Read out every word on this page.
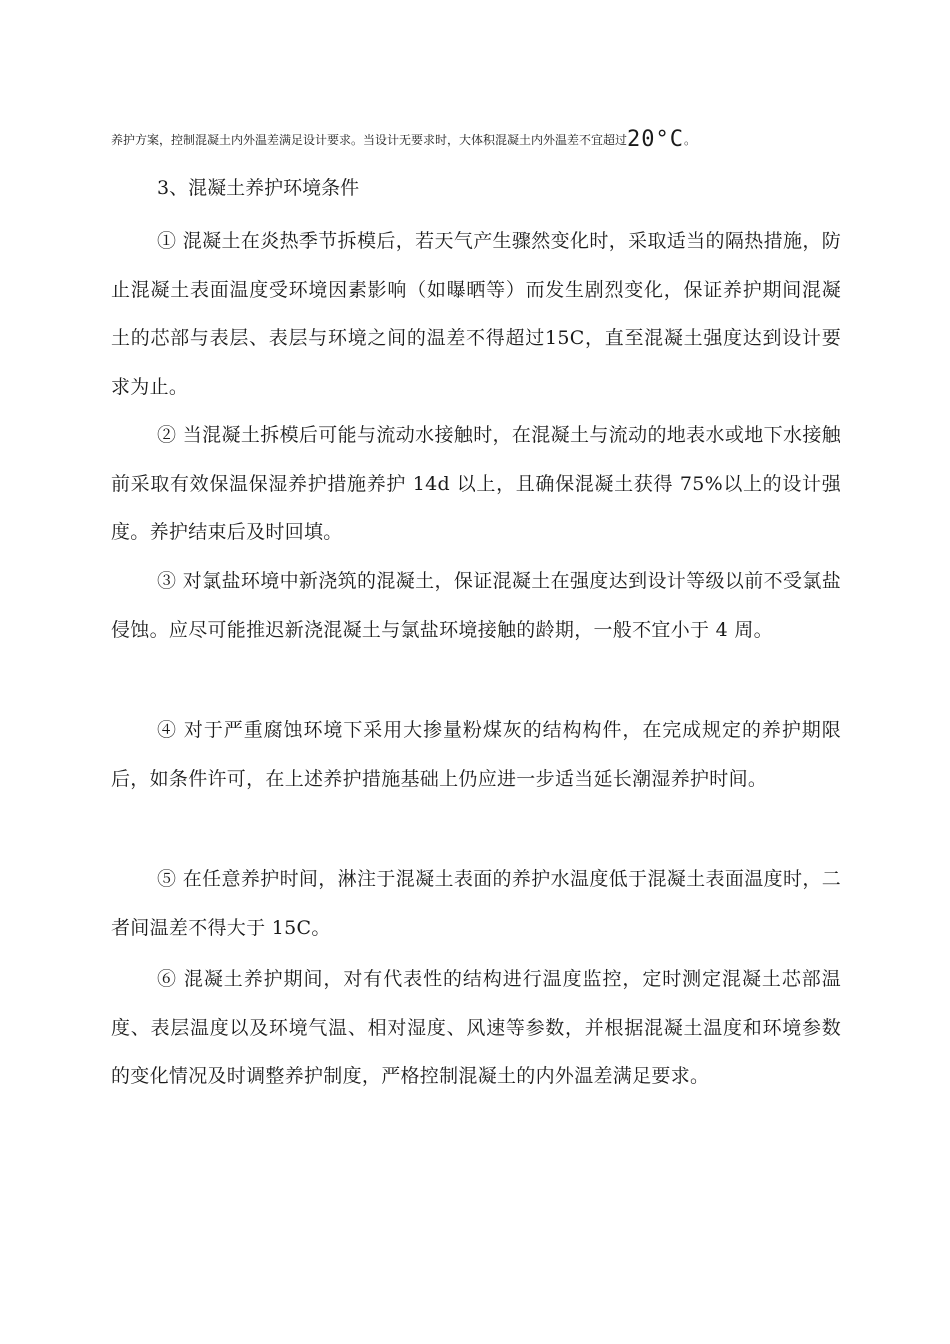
养护方案，控制混凝土内外温差满足设计要求。当设计无要求时，大体积混凝土内外温差不宜超过20°C。
3、混凝土养护环境条件
① 混凝土在炎热季节拆模后，若天气产生骤然变化时，采取适当的隔热措施，防止混凝土表面温度受环境因素影响（如曝晒等）而发生剧烈变化，保证养护期间混凝土的芯部与表层、表层与环境之间的温差不得超过15C，直至混凝土强度达到设计要求为止。
② 当混凝土拆模后可能与流动水接触时，在混凝土与流动的地表水或地下水接触前采取有效保温保湿养护措施养护 14d 以上，且确保混凝土获得 75%以上的设计强度。养护结束后及时回填。
③ 对氯盐环境中新浇筑的混凝土，保证混凝土在强度达到设计等级以前不受氯盐侵蚀。应尽可能推迟新浇混凝土与氯盐环境接触的龄期，一般不宜小于 4 周。
④ 对于严重腐蚀环境下采用大掺量粉煤灰的结构构件，在完成规定的养护期限后，如条件许可，在上述养护措施基础上仍应进一步适当延长潮湿养护时间。
⑤ 在任意养护时间，淋注于混凝土表面的养护水温度低于混凝土表面温度时，二者间温差不得大于 15C。
⑥ 混凝土养护期间，对有代表性的结构进行温度监控，定时测定混凝土芯部温度、表层温度以及环境气温、相对湿度、风速等参数，并根据混凝土温度和环境参数的变化情况及时调整养护制度，严格控制混凝土的内外温差满足要求。
